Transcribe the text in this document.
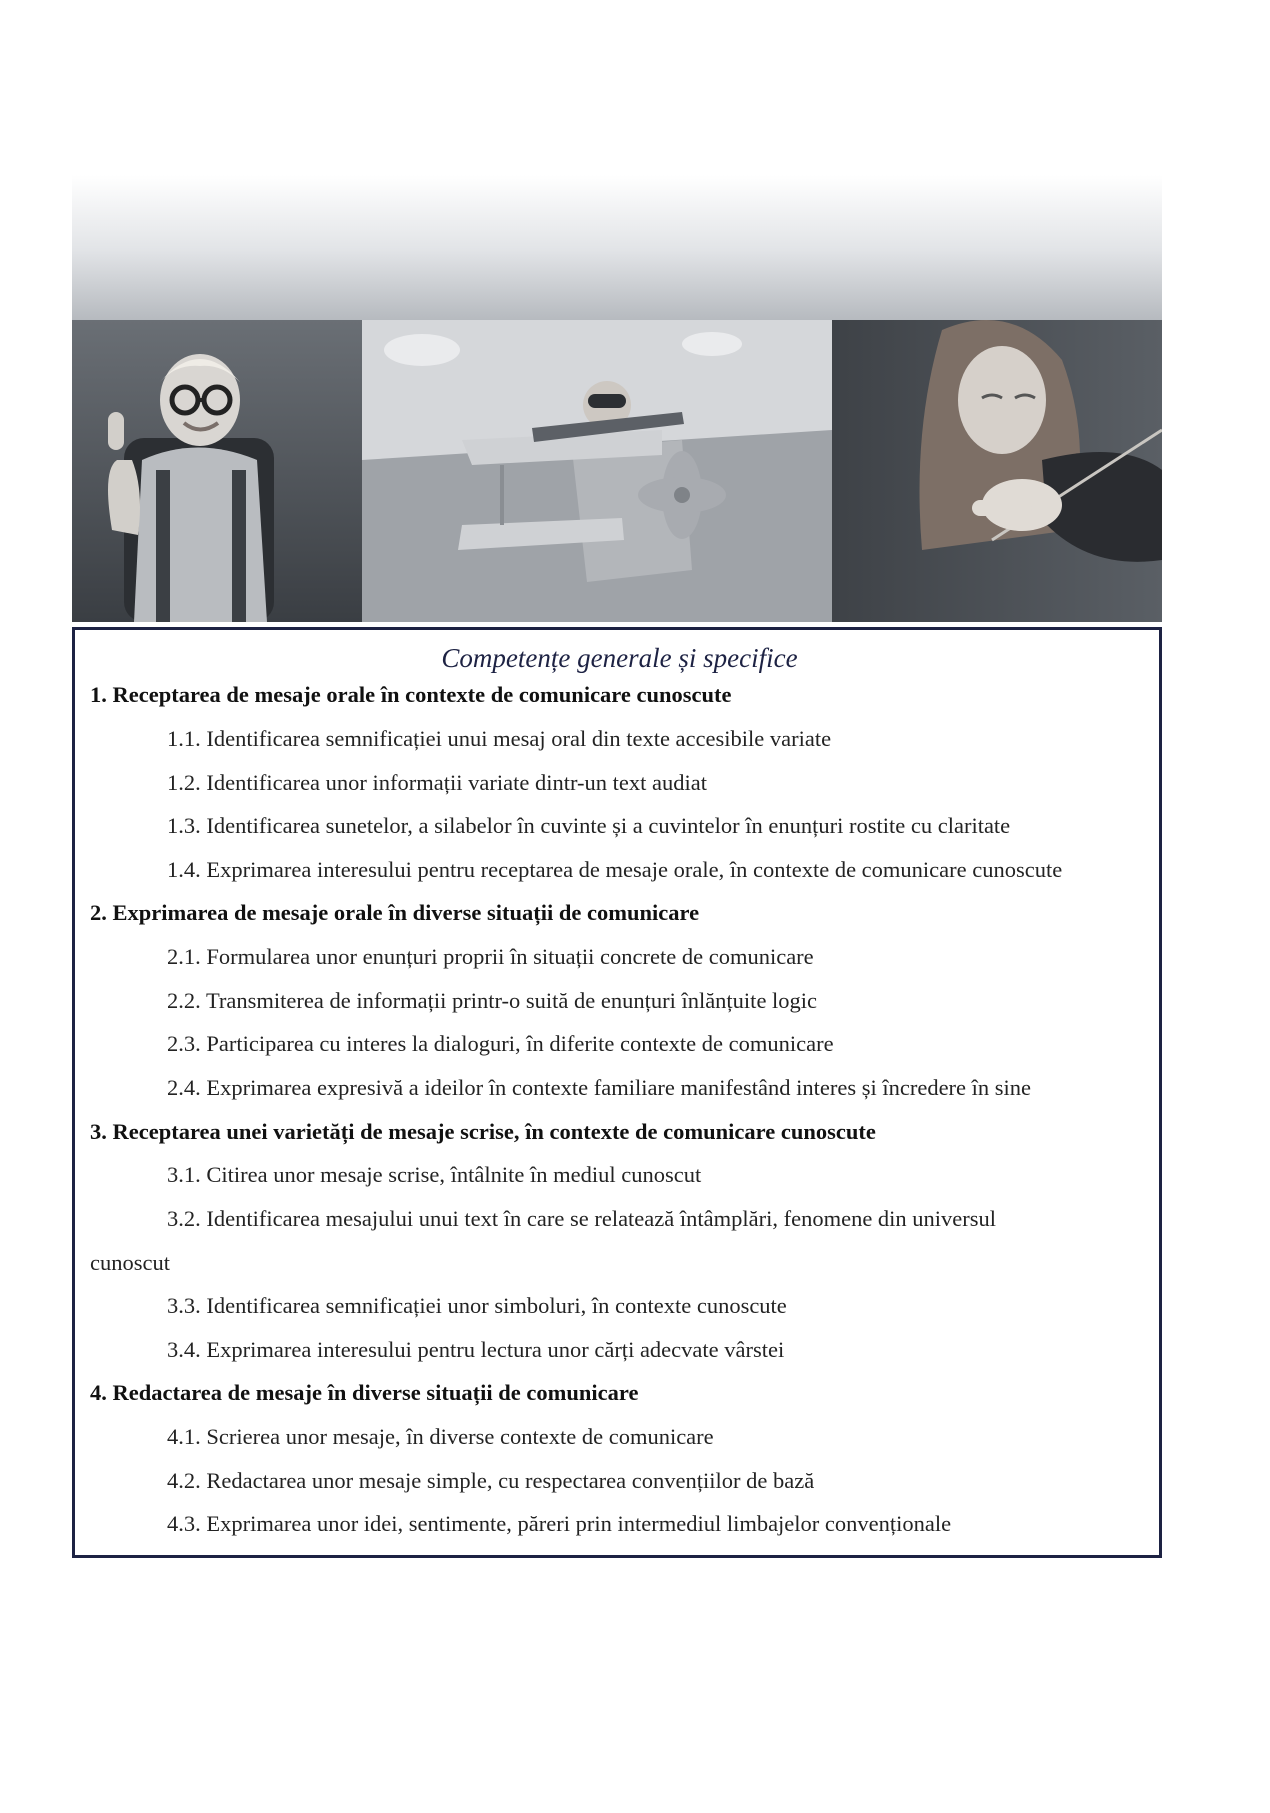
Competențe generale și specifice
1. Receptarea de mesaje orale în contexte de comunicare cunoscute
1.1. Identificarea semnificației unui mesaj oral din texte accesibile variate
1.2. Identificarea unor informații variate dintr-un text audiat
1.3. Identificarea sunetelor, a silabelor în cuvinte și a cuvintelor în enunțuri rostite cu claritate
1.4. Exprimarea interesului pentru receptarea de mesaje orale, în contexte de comunicare cunoscute
2. Exprimarea de mesaje orale în diverse situații de comunicare
2.1. Formularea unor enunțuri proprii în situații concrete de comunicare
2.2. Transmiterea de informații printr-o suită de enunțuri înlănțuite logic
2.3. Participarea cu interes la dialoguri, în diferite contexte de comunicare
2.4. Exprimarea expresivă a ideilor în contexte familiare manifestând interes și încredere în sine
3. Receptarea unei varietăți de mesaje scrise, în contexte de comunicare cunoscute
3.1. Citirea unor mesaje scrise, întâlnite în mediul cunoscut
3.2. Identificarea mesajului unui text în care se relatează întâmplări, fenomene din universul
cunoscut
3.3. Identificarea semnificației unor simboluri, în contexte cunoscute
3.4. Exprimarea interesului pentru lectura unor cărți adecvate vârstei
4. Redactarea de mesaje în diverse situații de comunicare
4.1. Scrierea unor mesaje, în diverse contexte de comunicare
4.2. Redactarea unor mesaje simple, cu respectarea convențiilor de bază
4.3. Exprimarea unor idei, sentimente, păreri prin intermediul limbajelor convenționale
